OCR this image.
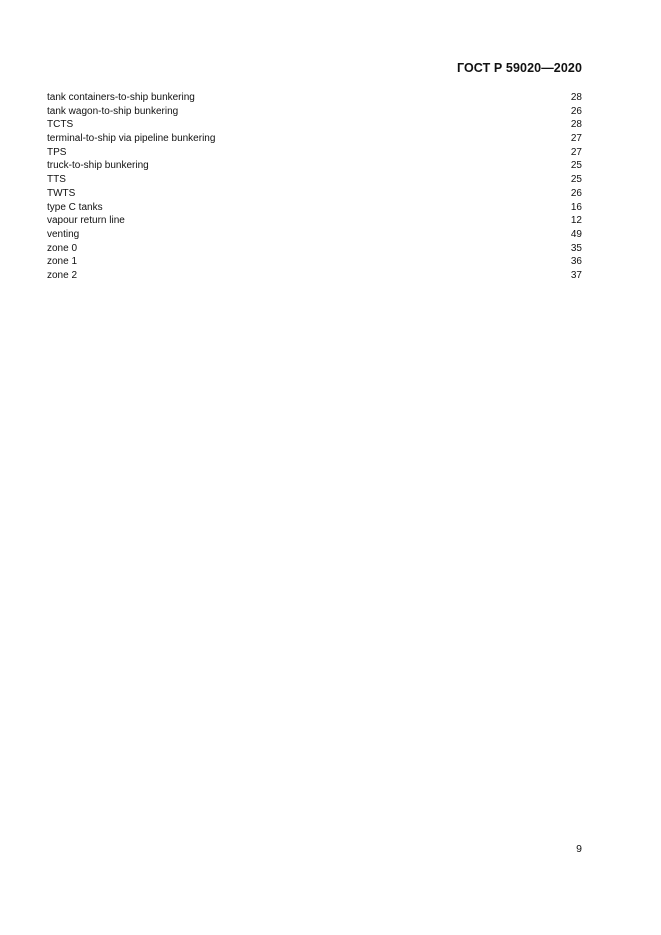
ГОСТ Р 59020—2020
tank containers-to-ship bunkering	28
tank wagon-to-ship bunkering	26
TCTS	28
terminal-to-ship via pipeline bunkering	27
TPS	27
truck-to-ship bunkering	25
TTS	25
TWTS	26
type C tanks	16
vapour return line	12
venting	49
zone 0	35
zone 1	36
zone 2	37
9
